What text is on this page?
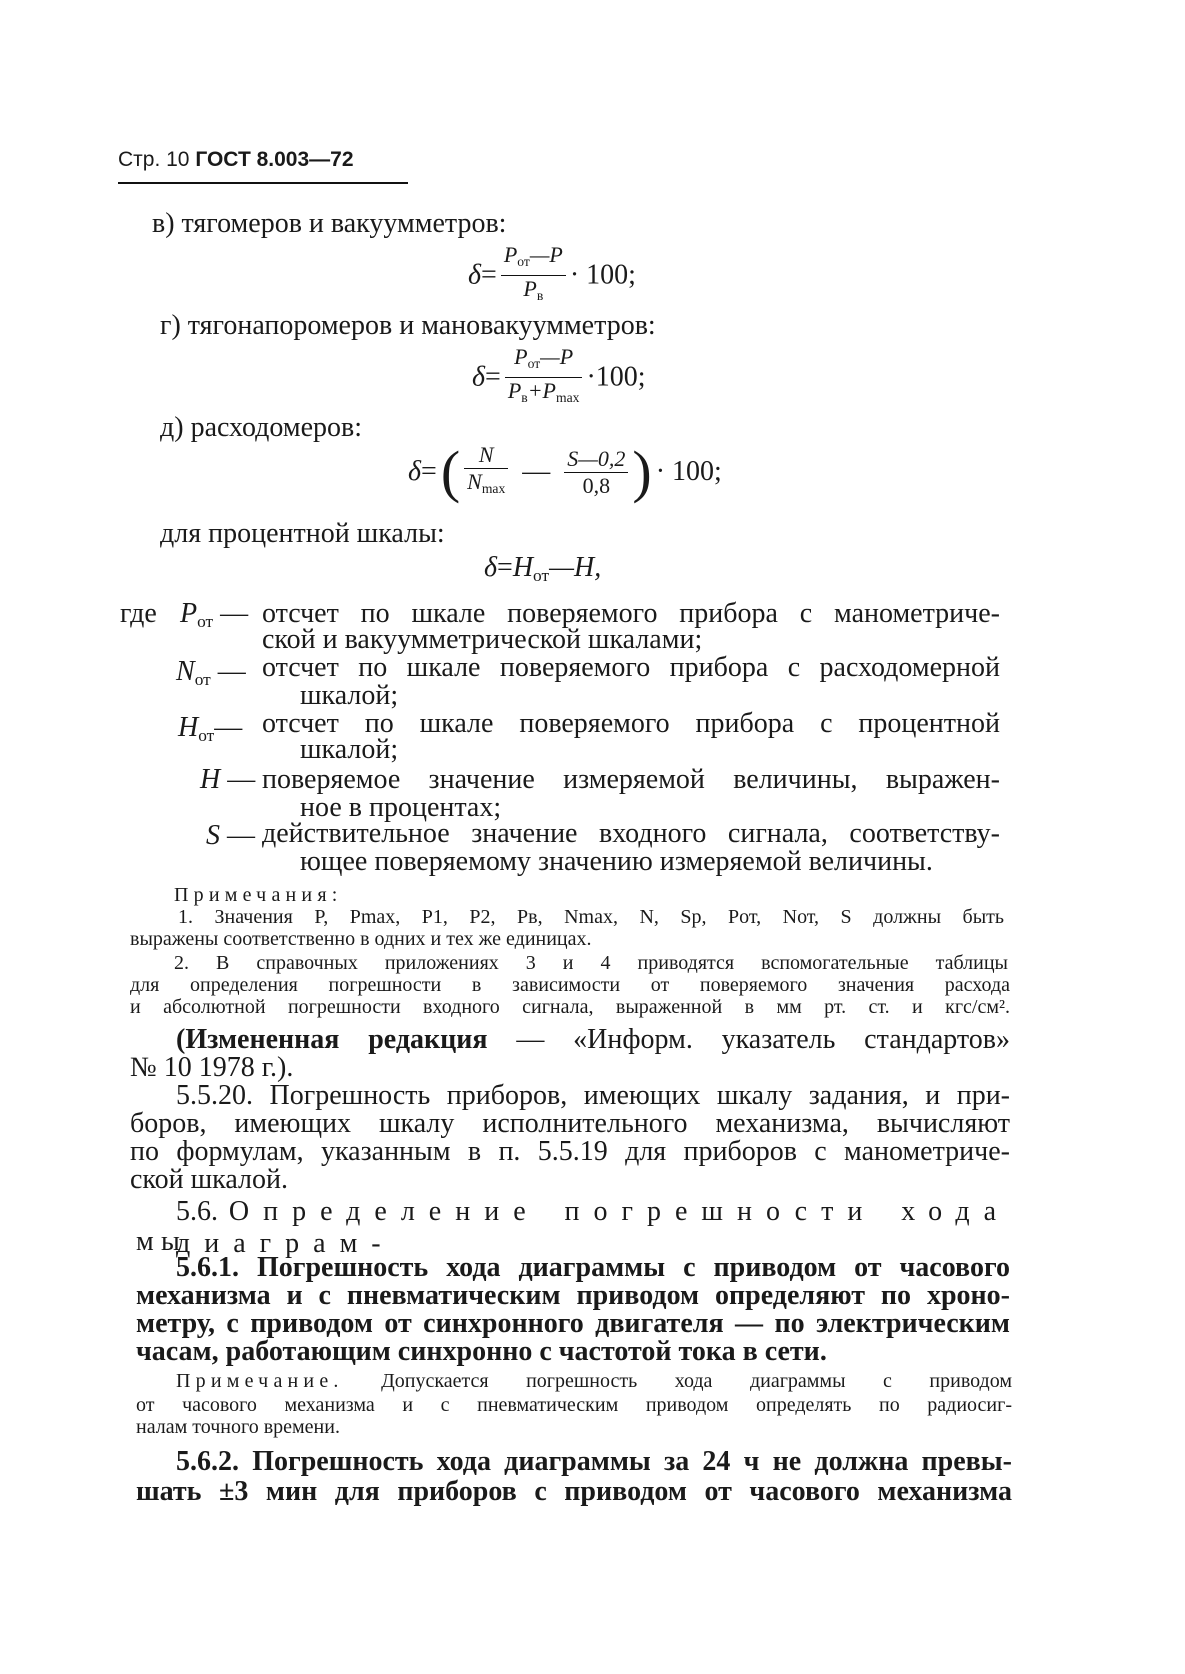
Стр. 10 ГОСТ 8.003—72
в) тягомеров и вакуумметров:
$\delta= \frac{P_{от}—P}{P_в} \cdot 100$;
г) тягонапоромеров и мановакуумметров:
$\delta= \frac{P_{от}—P}{P_в+P_{max}} \cdot 100$;
д) расходомеров:
δ= ( $\frac{N}{N_{max}}$ — $\frac{S—0,2}{0,8}$ ) · 100;
для процентной шкалы:
$\delta=H_{от}—H$,
где $P_{от}$ — отсчет по шкале поверяемого прибора с манометриче-
ской и вакуумметрической шкалами;
$N_{от}$ — отсчет по шкале поверяемого прибора с расходомерной
шкалой;
$H_{от}—$ отсчет по шкале поверяемого прибора с процентной
шкалой;
H — поверяемое значение измеряемой величины, выражен-
ное в процентах;
S — действительное значение входного сигнала, соответству-
ющее поверяемому значению измеряемой величины.
Примечания:
1. Значения P, Pmax, P1, P2, Pв, Nmax, N, Sр, Pот, Nот, S должны быть
выражены соответственно в одних и тех же единицах.
2. В справочных приложениях 3 и 4 приводятся вспомогательные таблицы
для определения погрешности в зависимости от поверяемого значения расхода
и абсолютной погрешности входного сигнала, выраженной в мм рт. ст. и кгс/см².
(Измененная редакция — «Информ. указатель стандартов»
№ 10 1978 г.).
5.5.20. Погрешность приборов, имеющих шкалу задания, и при-
боров, имеющих шкалу исполнительного механизма, вычисляют
по формулам, указанным в п. 5.5.19 для приборов с манометриче-
ской шкалой.
5.6. Определение погрешности хода диаграм-
мы
5.6.1. Погрешность хода диаграммы с приводом от часового
механизма и с пневматическим приводом определяют по хроно-
метру, с приводом от синхронного двигателя — по электрическим
часам, работающим синхронно с частотой тока в сети.
Примечание. Допускается погрешность хода диаграммы с приводом
от часового механизма и с пневматическим приводом определять по радиосиг-
налам точного времени.
5.6.2. Погрешность хода диаграммы за 24 ч не должна превы-
шать ±3 мин для приборов с приводом от часового механизма
